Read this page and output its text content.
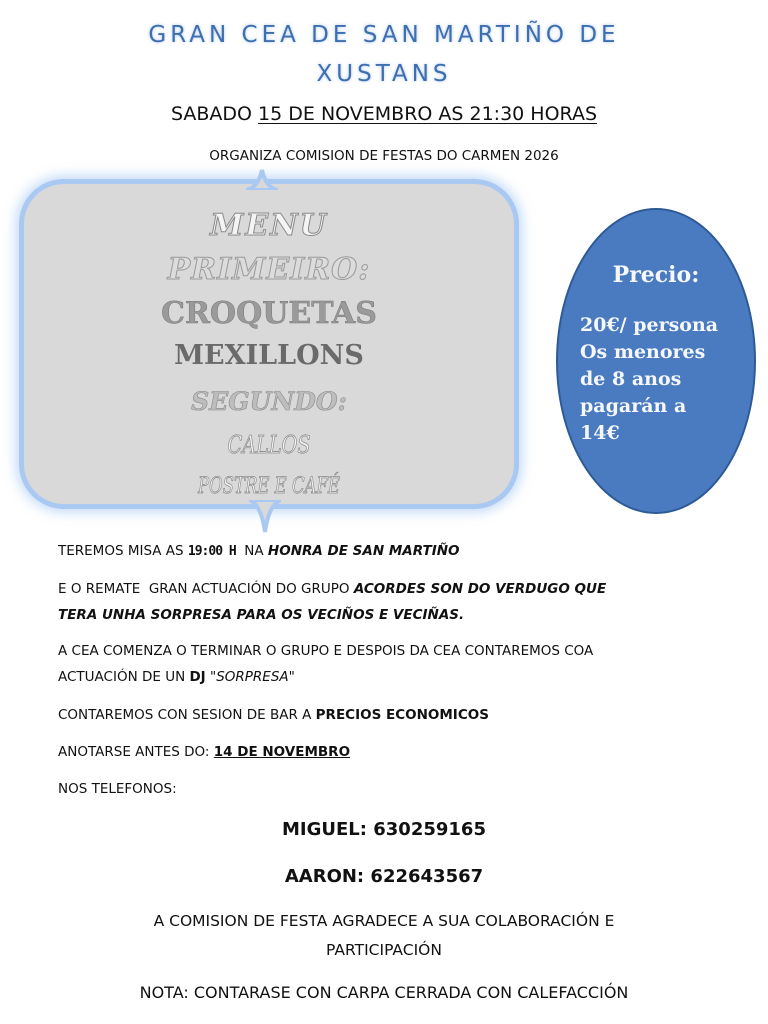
GRAN CEA DE SAN MARTIÑO DE
XUSTANS
SABADO 15 DE NOVEMBRO AS 21:30 HORAS
ORGANIZA COMISION DE FESTAS DO CARMEN 2026
MENU
PRIMEIRO:
CROQUETAS
MEXILLONS
SEGUNDO:
CALLOS
POSTRE E CAFÉ
Precio:
20€/ persona
Os menores
de 8 anos
pagarán a
14€
TEREMOS MISA AS 19:00 H  NA HONRA DE SAN MARTIÑO
E O REMATE  GRAN ACTUACIÓN DO GRUPO ACORDES SON DO VERDUGO QUE
TERA UNHA SORPRESA PARA OS VECIÑOS E VECIÑAS.
A CEA COMENZA O TERMINAR O GRUPO E DESPOIS DA CEA CONTAREMOS COA
ACTUACIÓN DE UN DJ "SORPRESA"
CONTAREMOS CON SESION DE BAR A PRECIOS ECONOMICOS
ANOTARSE ANTES DO: 14 DE NOVEMBRO
NOS TELEFONOS:
MIGUEL: 630259165
AARON: 622643567
A COMISION DE FESTA AGRADECE A SUA COLABORACIÓN E
PARTICIPACIÓN
NOTA: CONTARASE CON CARPA CERRADA CON CALEFACCIÓN
